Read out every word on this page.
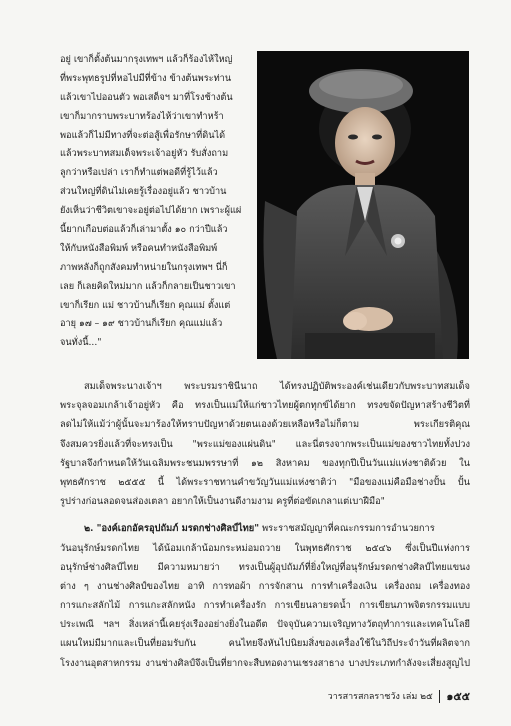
อยู่ เขาก็ตั้งต้นมากรุงเทพฯ แล้วก็ร้องไห้ใหญ่
ที่พระพุทธรูปที่หอไปมีที่ข้าง ข้างต้นพระท่าน
แล้วเขาไปออนตัว พอเสด็จฯ มาที่โรงช้างต้น
เขาก็มากราบพระบาทร้องไห้ว่าเขาทำหร้า
พอแล้วก็ไม่มีทางที่จะต่อสู้เพื่อรักษาที่ดินได้
แล้วพระบาทสมเด็จพระเจ้าอยู่หัว รับสั่งถาม
ลูกว่าหรือเปล่า เราก็ทำแต่พอดีที่รู้ไว้แล้ว
ส่วนใหญ่ที่ดินไม่เคยรู้เรื่องอยู่แล้ว ชาวบ้าน
ยังเห็นว่าชีวิตเขาจะอยู่ต่อไปได้ยาก เพราะผู้แผ่
นี้ยากเกือบต่อแล้วก็เล่ามาตั้ง ๑๐ กว่าปีแล้ว
ให้กับหนังสือพิมพ์ หรือคนทำหนังสือพิมพ์
ภาพหลังก็ถูกสังคมทำหน่ายในกรุงเทพฯ นี่ก็
เลย ก็เลยคิดใหม่มาก แล้วก็กลายเป็นชาวเขา
เขาก็เรียก แม่ ชาวบ้านก็เรียก คุณแม่ ตั้งแต่
อายุ ๑๗ – ๑๙ ชาวบ้านก็เรียก คุณแม่แล้ว
จนทั่งนี้..."
สมเด็จพระนางเจ้าฯ พระบรมราชินีนาถ ได้ทรงปฏิบัติพระองค์เช่นเดียวกับพระบาทสมเด็จ
พระจุลจอมเกล้าเจ้าอยู่หัว คือ ทรงเป็นแม่ให้แก่ชาวไทยผู้ตกทุกข์ได้ยาก ทรงขจัดปัญหาสร้างชีวิตที่
ลดไม่ให้แม้ว่าผู้นั้นจะมาร้องให้ทราบปัญหาด้วยตนเองด้วยเหลือหรือไม่ก็ตาม พระเกียรติคุณ
จึงสมควรยิ่งแล้วที่จะทรงเป็น "พระแม่ของแผ่นดิน" และนี่ตรงจากพระเป็นแม่ของชาวไทยทั้งปวง
รัฐบาลจึงกำหนดให้วันเฉลิมพระชนมพรรษาที่ ๑๒ สิงหาคม ของทุกปีเป็นวันแม่แห่งชาติด้วย ใน
พุทธศักราช ๒๕๕๕ นี้ ได้พระราชทานคำขวัญวันแม่แห่งชาติว่า "มือของแม่คือมือช่างปั้น ปั้น
รูปร่างก่อนลอดจนส่องเตลา อยากให้เป็นงานดีงามงาม ครูที่ต่อขัดเกลาแต่เบาฝีมือ"
๒. "องค์เอกอัครอุปถัมภ์ มรดกช่างศิลป์ไทย" พระราชสมัญญาที่คณะกรรมการอำนวยการ
วันอนุรักษ์มรดกไทย ได้น้อมเกล้าน้อมกระหม่อมถวาย ในพุทธศักราช ๒๕๔๖ ซึ่งเป็นปีแห่งการ
อนุรักษ์ช่างศิลป์ไทย มีความหมายว่า ทรงเป็นผู้อุปถัมภ์ที่ยิ่งใหญ่ที่อนุรักษ์มรดกช่างศิลป์ไทยแขนง
ต่าง ๆ งานช่างศิลป์ของไทย อาทิ การทอผ้า การจักสาน การทำเครื่องเงิน เครื่องถม เครื่องทอง
การแกะสลักไม้ การแกะสลักหนัง การทำเครื่องรัก การเขียนลายรดน้ำ การเขียนภาพจิตรกรรมแบบ
ประเพณี ฯลฯ สิ่งเหล่านี้เคยรุ่งเรืองอย่างยิ่งในอดีต ปัจจุบันความเจริญทางวัตถุทำการและเทคโนโลยี
แผนใหม่มีมากและเป็นที่ยอมรับกัน คนไทยจึงหันไปนิยมสิ่งของเครื่องใช้ในวิถีประจำวันที่ผลิตจาก
โรงงานอุตสาหกรรม งานช่างศิลป์จึงเป็นที่ยากจะสืบทอดงานเชรงสาธาง บางประเภทกำลังจะเสี่ยงสูญไป
วารสารสกลราชวัง เล่ม ๒๕ ๑๕๕
